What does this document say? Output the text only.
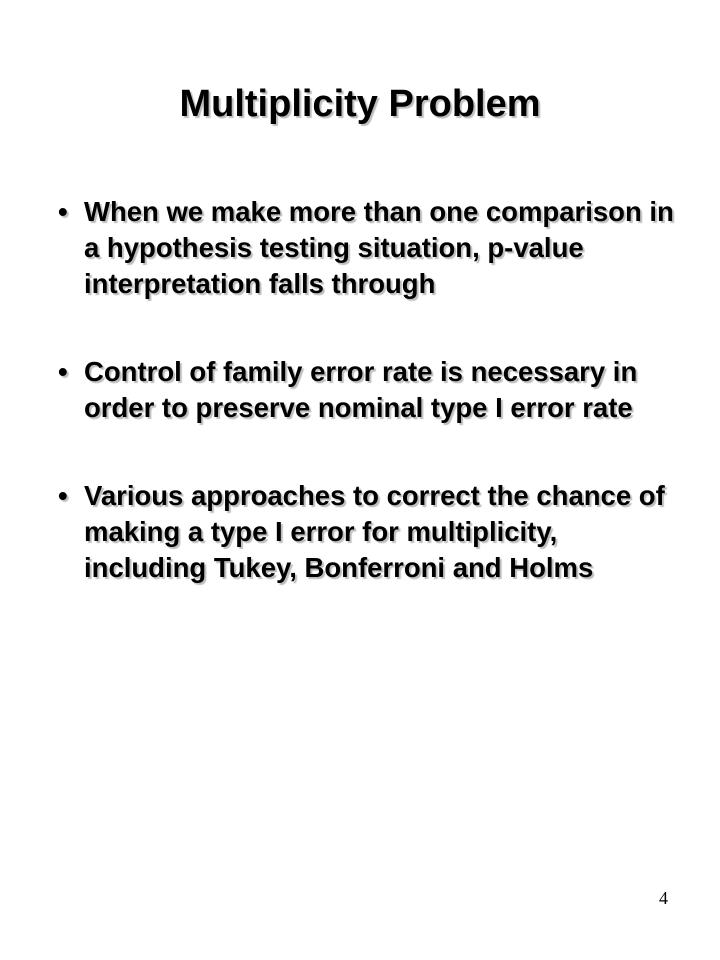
Multiplicity Problem
• When we make more than one comparison in a hypothesis testing situation, p-value interpretation falls through
• Control of family error rate is necessary in order to preserve nominal type I error rate
• Various approaches to correct the chance of making a type I error for multiplicity, including Tukey, Bonferroni and Holms
4
